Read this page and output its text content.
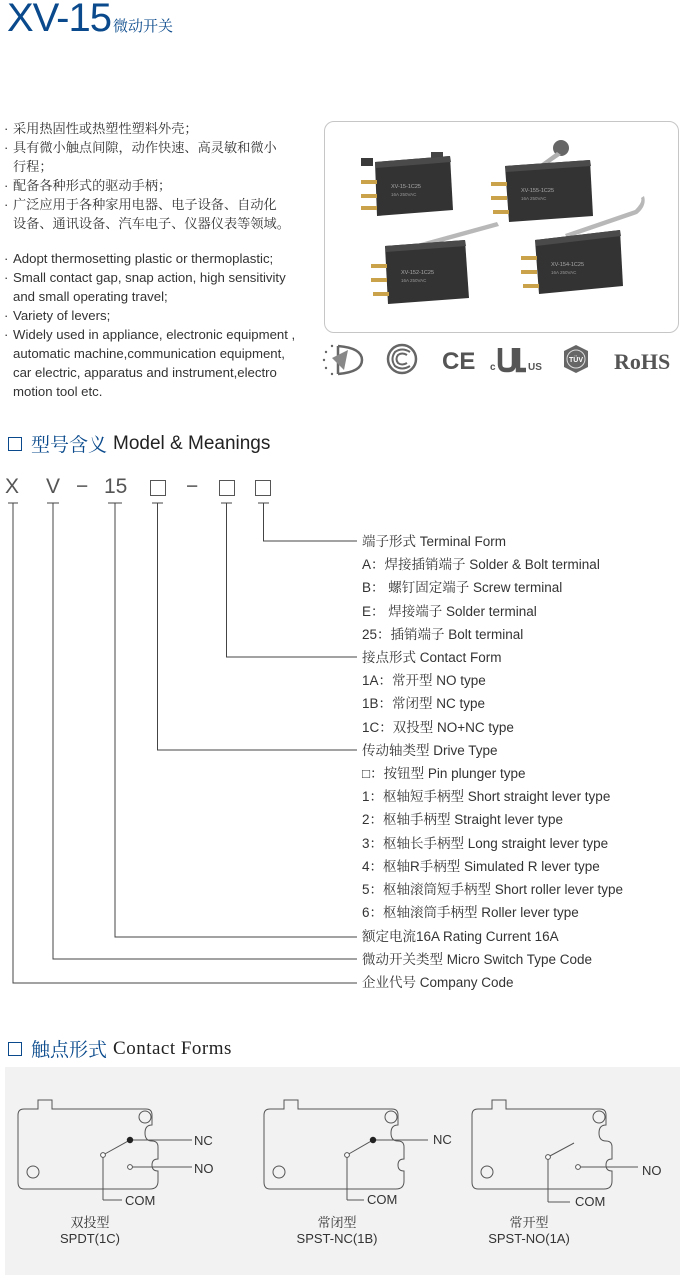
XV-15 微动开关
· 采用热固性或热塑性塑料外壳；
· 具有微小触点间隙，动作快速、高灵敏和微小
行程；
· 配备各种形式的驱动手柄；
· 广泛应用于各种家用电器、电子设备、自动化
设备、通讯设备、汽车电子、仪器仪表等领域。
· Adopt thermosetting plastic or thermoplastic;
· Small contact gap, snap action, high sensitivity
and small operating travel;
· Variety of levers;
· Widely used in appliance, electronic equipment ,
automatic machine,communication equipment,
car electric, apparatus and instrument,electro
motion tool etc.
XV-15-1C25
16A 250VAC
XV-155-1C25
16A 250VAC
XV-152-1C25
16A 250VAC
XV-154-1C25
16A 250VAC
CE c	US
TÜV RoHS
型号含义 Model & Meanings
X V − 15	−
端子形式 Terminal Form
A：焊接插销端子 Solder & Bolt terminal
B： 螺钉固定端子 Screw terminal
E： 焊接端子 Solder terminal
25：插销端子 Bolt terminal
接点形式 Contact Form
1A：常开型 NO type
1B：常闭型 NC type
1C：双投型 NO+NC type
传动轴类型 Drive Type
□：按钮型 Pin plunger type
1：枢轴短手柄型 Short straight lever type
2：枢轴手柄型 Straight lever type
3：枢轴长手柄型 Long straight lever type
4：枢轴R手柄型 Simulated R lever type
5：枢轴滚筒短手柄型 Short roller lever type
6：枢轴滚筒手柄型 Roller lever type
额定电流16A Rating Current 16A
微动开关类型 Micro Switch Type Code
企业代号 Company Code
触点形式 Contact Forms
NC
NO
COM
NC
COM
NO
COM
双投型
SPDT(1C)
常闭型
SPST-NC(1B)
常开型
SPST-NO(1A)
